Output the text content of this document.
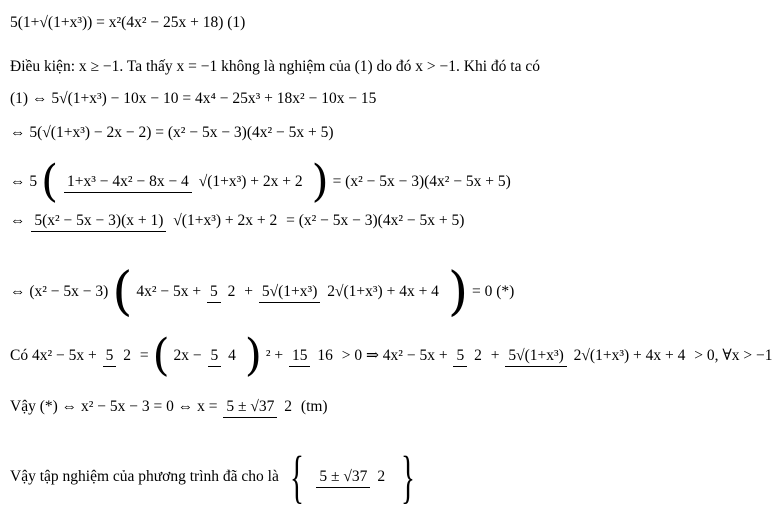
5(1+√(1+x³)) = x²(4x² − 25x + 18) (1)
Điều kiện: x ≥ −1. Ta thấy x = −1 không là nghiệm của (1) do đó x > −1. Khi đó ta có
(1) ⇔ 5√(1+x³) − 10x − 10 = 4x⁴ − 25x³ + 18x² − 10x − 15
⇔ 5(√(1+x³) − 2x − 2) = (x² − 5x − 3)(4x² − 5x + 5)
⇔ 5 ( 1+x³ − 4x² − 8x − 4 √(1+x³) + 2x + 2 ) = (x² − 5x − 3)(4x² − 5x + 5)
⇔ 5(x² − 5x − 3)(x + 1) √(1+x³) + 2x + 2 = (x² − 5x − 3)(4x² − 5x + 5)
⇔ (x² − 5x − 3) ( 4x² − 5x + 5 2 + 5√(1+x³) 2√(1+x³) + 4x + 4 ) = 0 (*)
Có 4x² − 5x + 5 2 = ( 2x − 5 4 ) ² + 15 16 > 0 ⇒ 4x² − 5x + 5 2 + 5√(1+x³) 2√(1+x³) + 4x + 4 > 0, ∀x > −1
Vậy (*) ⇔ x² − 5x − 3 = 0 ⇔ x = 5 ± √37 2 (tm)
Vậy tập nghiệm của phương trình đã cho là { 5 ± √37 2 }
